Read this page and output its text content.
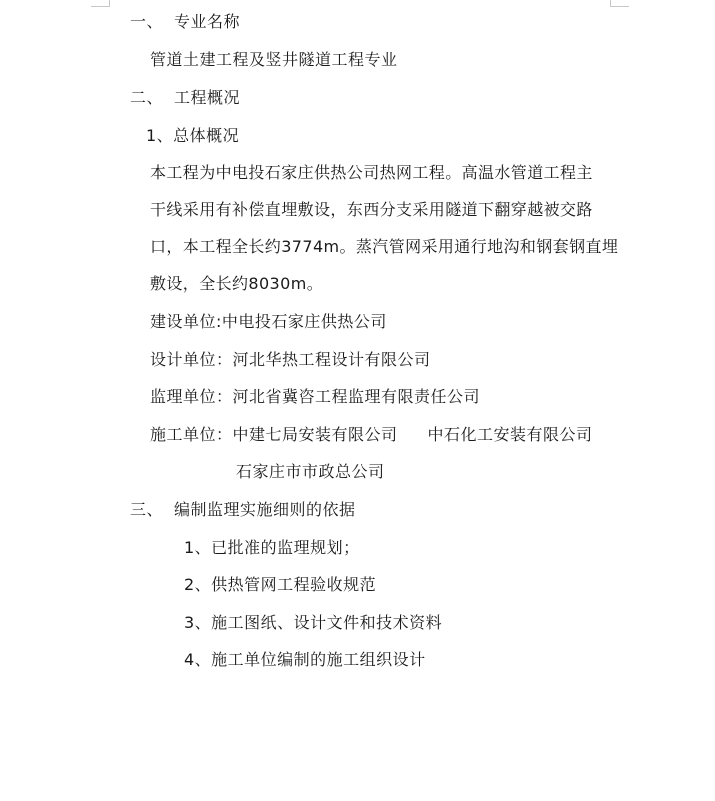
一、 专业名称
管道土建工程及竖井隧道工程专业
二、 工程概况
1、总体概况
本工程为中电投石家庄供热公司热网工程。高温水管道工程主
干线采用有补偿直埋敷设，东西分支采用隧道下翻穿越被交路
口，本工程全长约3774m。蒸汽管网采用通行地沟和钢套钢直埋
敷设，全长约8030m。
建设单位:中电投石家庄供热公司
设计单位：河北华热工程设计有限公司
监理单位：河北省冀咨工程监理有限责任公司
施工单位：中建七局安装有限公司 中石化工安装有限公司
石家庄市市政总公司
三、 编制监理实施细则的依据
1、已批准的监理规划；
2、供热管网工程验收规范
3、施工图纸、设计文件和技术资料
4、施工单位编制的施工组织设计
